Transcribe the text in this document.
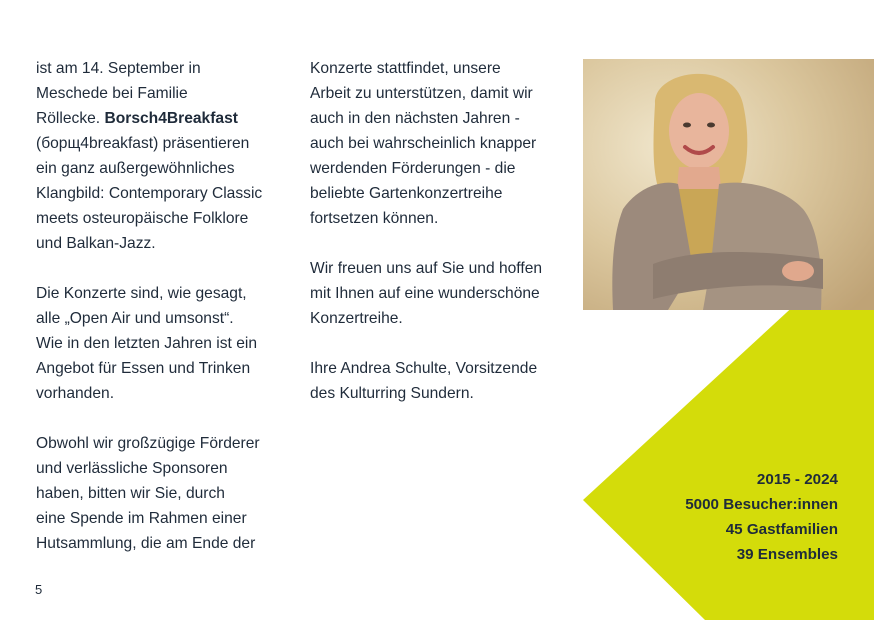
ist am 14. September in
Meschede bei Familie
Röllecke. Borsch4Breakfast
(борщ4breakfast) präsentieren
ein ganz außergewöhnliches
Klangbild: Contemporary Classic
meets osteuropäische Folklore
und Balkan-Jazz.

Die Konzerte sind, wie gesagt,
alle „Open Air und umsonst“.
Wie in den letzten Jahren ist ein
Angebot für Essen und Trinken
vorhanden.

Obwohl wir großzügige Förderer
und verlässliche Sponsoren
haben, bitten wir Sie, durch
eine Spende im Rahmen einer
Hutsammlung, die am Ende der

Konzerte stattfindet, unsere
Arbeit zu unterstützen, damit wir
auch in den nächsten Jahren -
auch bei wahrscheinlich knapper
werdenden Förderungen - die
beliebte Gartenkonzertreihe
fortsetzen können.

Wir freuen uns auf Sie und hoffen
mit Ihnen auf eine wunderschöne
Konzertreihe.

Ihre Andrea Schulte, Vorsitzende
des Kulturring Sundern.

2015 - 2024
5000 Besucher:innen
45 Gastfamilien
39 Ensembles
5
